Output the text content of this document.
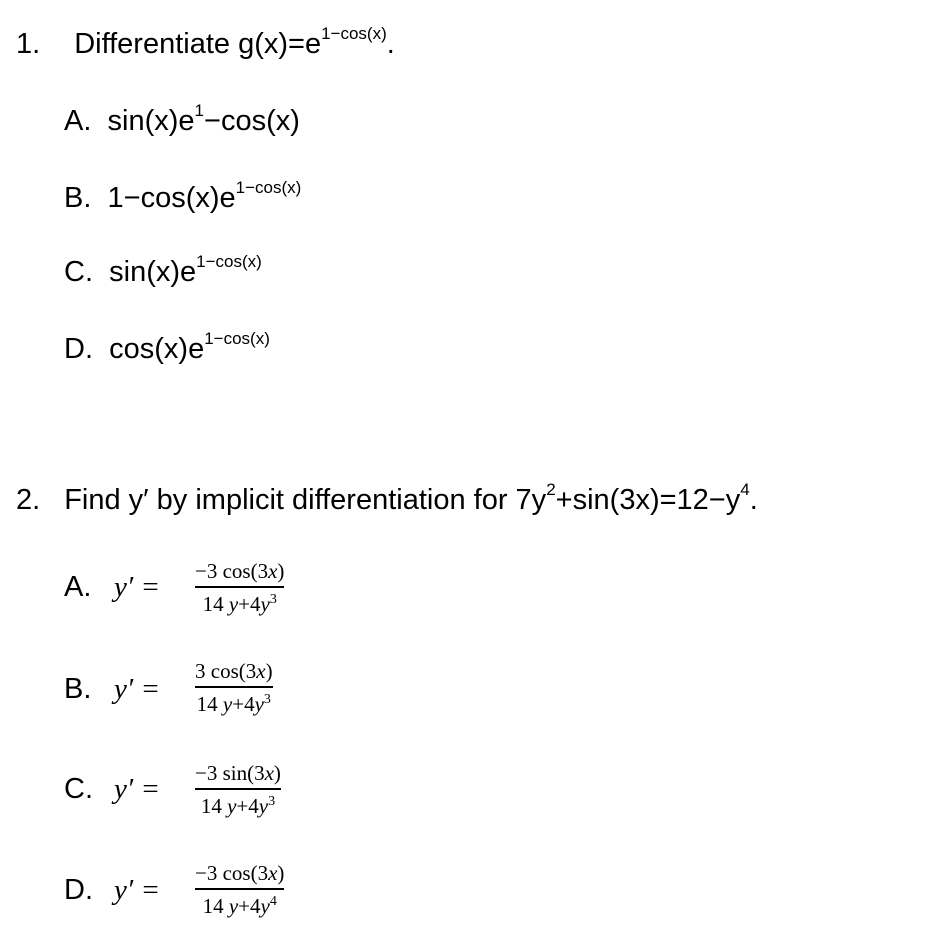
1. Differentiate $g(x)=e^{1-cos(x)}$.
A. $\sin(x)e^1-\cos(x)$
B. $1-\cos(x)e^{1-cos(x)}$
C. $\sin(x)e^{1-cos(x)}$
D. $\cos(x)e^{1-cos(x)}$
2. Find y′ by implicit differentiation for $7y^2+\sin(3x)=12-y^4$.
A. y′ = −3 cos(3x)
14 $y+4y^3$
B. y′ =
3 cos(3x)
14 $y+4y^3$
C. y′ = −3 sin(3x)
14 $y+4y^3$
D. y′ =
−3 cos(3x)
14 $y+4y^4$
